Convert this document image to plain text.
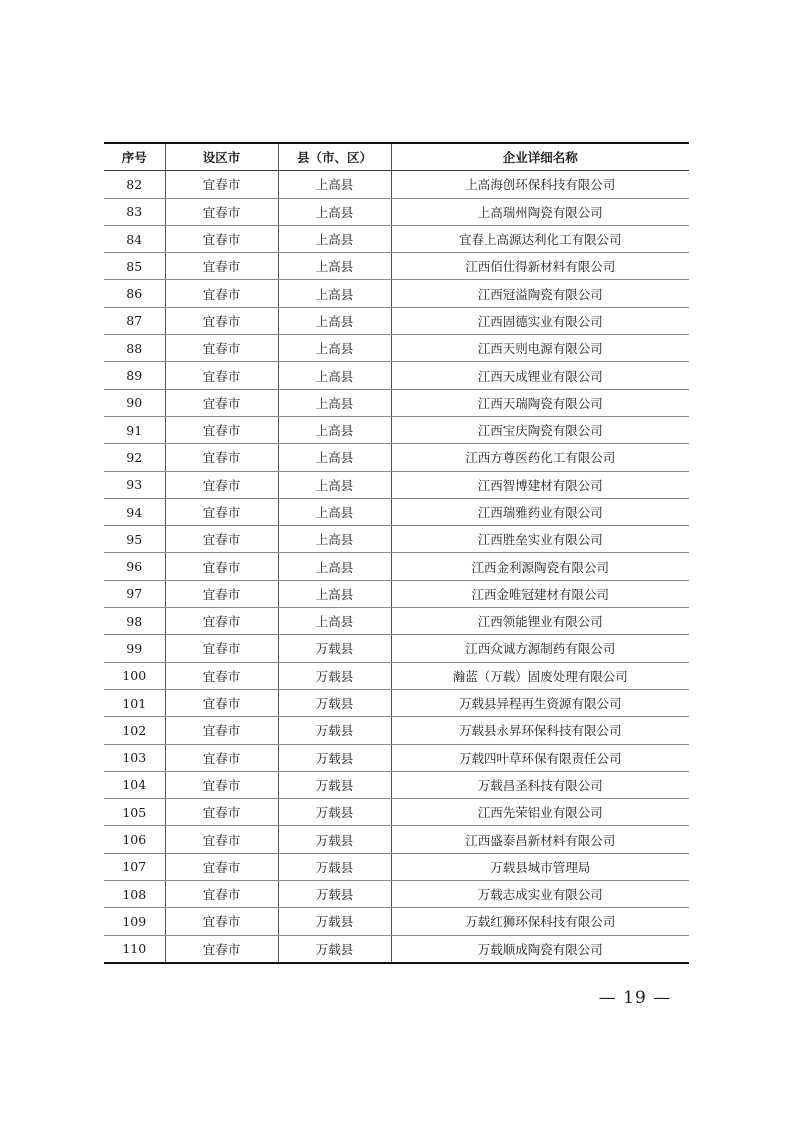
序号	设区市	县（市、区）	企业详细名称
82	宜春市	上高县	上高海创环保科技有限公司
83	宜春市	上高县	上高瑞州陶瓷有限公司
84	宜春市	上高县	宜春上高源达利化工有限公司
85	宜春市	上高县	江西佰仕得新材料有限公司
86	宜春市	上高县	江西冠溢陶瓷有限公司
87	宜春市	上高县	江西固德实业有限公司
88	宜春市	上高县	江西天则电源有限公司
89	宜春市	上高县	江西天成锂业有限公司
90	宜春市	上高县	江西天瑞陶瓷有限公司
91	宜春市	上高县	江西宝庆陶瓷有限公司
92	宜春市	上高县	江西方尊医药化工有限公司
93	宜春市	上高县	江西智博建材有限公司
94	宜春市	上高县	江西瑞雅药业有限公司
95	宜春市	上高县	江西胜垒实业有限公司
96	宜春市	上高县	江西金利源陶瓷有限公司
97	宜春市	上高县	江西金唯冠建材有限公司
98	宜春市	上高县	江西领能锂业有限公司
99	宜春市	万载县	江西众诚方源制药有限公司
100	宜春市	万载县	瀚蓝（万载）固废处理有限公司
101	宜春市	万载县	万载县异程再生资源有限公司
102	宜春市	万载县	万载县永昇环保科技有限公司
103	宜春市	万载县	万载四叶草环保有限责任公司
104	宜春市	万载县	万载昌圣科技有限公司
105	宜春市	万载县	江西先荣铝业有限公司
106	宜春市	万载县	江西盛泰昌新材料有限公司
107	宜春市	万载县	万载县城市管理局
108	宜春市	万载县	万载志成实业有限公司
109	宜春市	万载县	万载红狮环保科技有限公司
110	宜春市	万载县	万载顺成陶瓷有限公司
— 19 —
